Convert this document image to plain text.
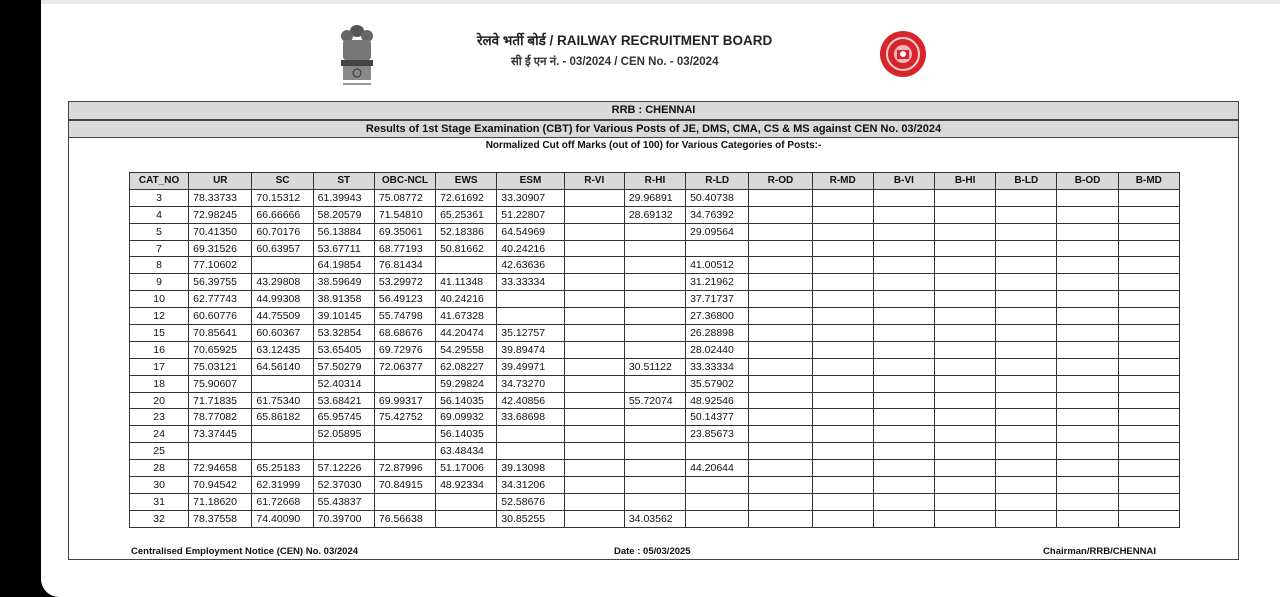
रेलवे भर्ती बोर्ड / RAILWAY RECRUITMENT BOARD
सी ई एन नं. - 03/2024 / CEN No. - 03/2024
RRB : CHENNAI
Results of 1st Stage Examination (CBT) for Various Posts of JE, DMS, CMA, CS & MS against CEN No. 03/2024
Normalized Cut off Marks (out of 100) for Various Categories of Posts:-
CAT_NO	UR	SC	ST	OBC-NCL	EWS	ESM	R-VI	R-HI	R-LD	R-OD	R-MD	B-VI	B-HI	B-LD	B-OD	B-MD
3	78.33733	70.15312	61.39943	75.08772	72.61692	33.30907		29.96891	50.40738							
4	72.98245	66.66666	58.20579	71.54810	65.25361	51.22807		28.69132	34.76392							
5	70.41350	60.70176	56.13884	69.35061	52.18386	64.54969			29.09564							
7	69.31526	60.63957	53.67711	68.77193	50.81662	40.24216										
8	77.10602		64.19854	76.81434		42.63636			41.00512							
9	56.39755	43.29808	38.59649	53.29972	41.11348	33.33334			31.21962							
10	62.77743	44.99308	38.91358	56.49123	40.24216				37.71737							
12	60.60776	44.75509	39.10145	55.74798	41.67328				27.36800							
15	70.85641	60.60367	53.32854	68.68676	44.20474	35.12757			26.28898							
16	70.65925	63.12435	53.65405	69.72976	54.29558	39.89474			28.02440							
17	75.03121	64.56140	57.50279	72.06377	62.08227	39.49971		30.51122	33.33334							
18	75.90607		52.40314		59.29824	34.73270			35.57902							
20	71.71835	61.75340	53.68421	69.99317	56.14035	42.40856		55.72074	48.92546							
23	78.77082	65.86182	65.95745	75.42752	69.09932	33.68698			50.14377							
24	73.37445		52.05895		56.14035				23.85673							
25					63.48434											
28	72.94658	65.25183	57.12226	72.87996	51.17006	39.13098			44.20644							
30	70.94542	62.31999	52.37030	70.84915	48.92334	34.31206										
31	71.18620	61.72668	55.43837			52.58676										
32	78.37558	74.40090	70.39700	76.56638		30.85255		34.03562								
Centralised Employment Notice (CEN) No. 03/2024	Date : 05/03/2025	Chairman/RRB/CHENNAI
